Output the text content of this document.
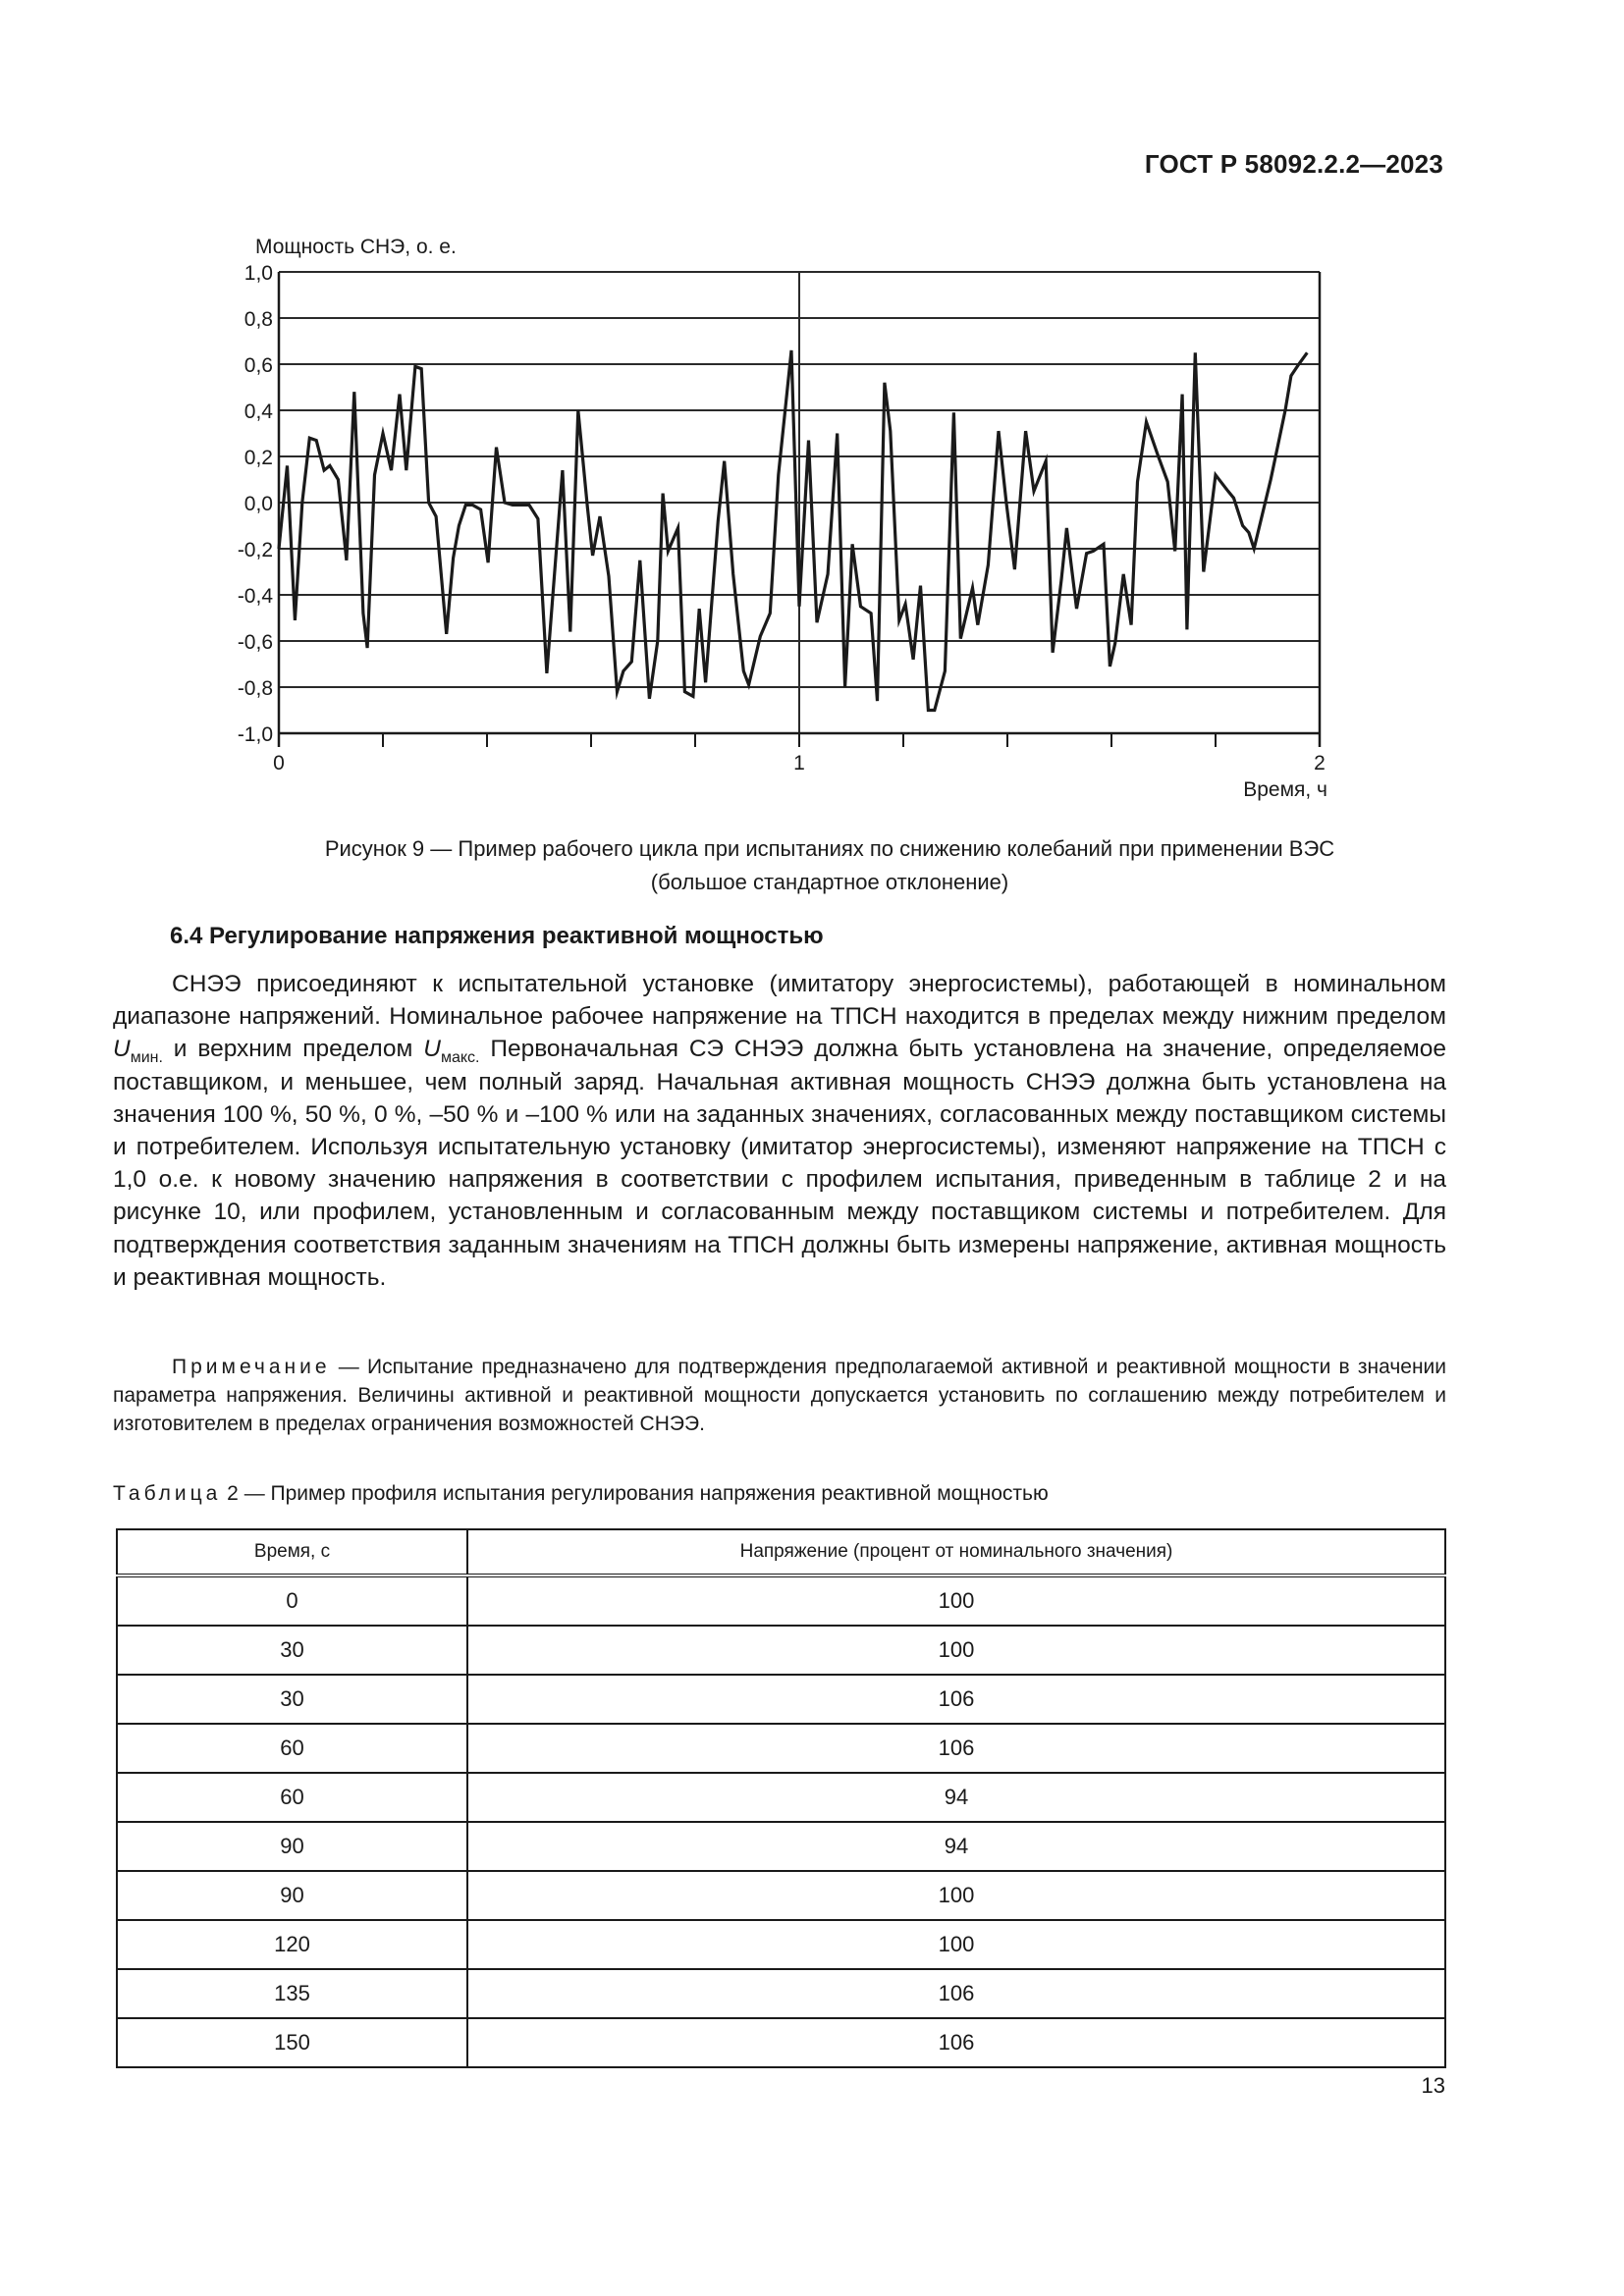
ГОСТ Р 58092.2.2—2023
Мощность СНЭ, о. е.
1,0
0,8
0,6
0,4
0,2
0,0
-0,2
-0,4
-0,6
-0,8
-1,0
0	1	2
Время, ч
Рисунок 9 — Пример рабочего цикла при испытаниях по снижению колебаний при применении ВЭС
(большое стандартное отклонение)
6.4 Регулирование напряжения реактивной мощностью
СНЭЭ присоединяют к испытательной установке (имитатору энергосистемы), работающей в номинальном диапазоне напряжений. Номинальное рабочее напряжение на ТПСН находится в пределах между нижним пределом $U_{мин.}$ и верхним пределом $U_{макс.}$ Первоначальная СЭ СНЭЭ должна быть установлена на значение, определяемое поставщиком, и меньшее, чем полный заряд. Начальная активная мощность СНЭЭ должна быть установлена на значения 100 %, 50 %, 0 %, –50 % и –100 % или на заданных значениях, согласованных между поставщиком системы и потребителем. Используя испытательную установку (имитатор энергосистемы), изменяют напряжение на ТПСН с 1,0 о.е. к новому значению напряжения в соответствии с профилем испытания, приведенным в таблице 2 и на рисунке 10, или профилем, установленным и согласованным между поставщиком системы и потребителем. Для подтверждения соответствия заданным значениям на ТПСН должны быть измерены напряжение, активная мощность и реактивная мощность.
Примечание — Испытание предназначено для подтверждения предполагаемой активной и реактивной мощности в значении параметра напряжения. Величины активной и реактивной мощности допускается установить по соглашению между потребителем и изготовителем в пределах ограничения возможностей СНЭЭ.
Таблица 2 — Пример профиля испытания регулирования напряжения реактивной мощностью
Время, с	Напряжение (процент от номинального значения)
0	100
30	100
30	106
60	106
60	94
90	94
90	100
120	100
135	106
150	106
13
